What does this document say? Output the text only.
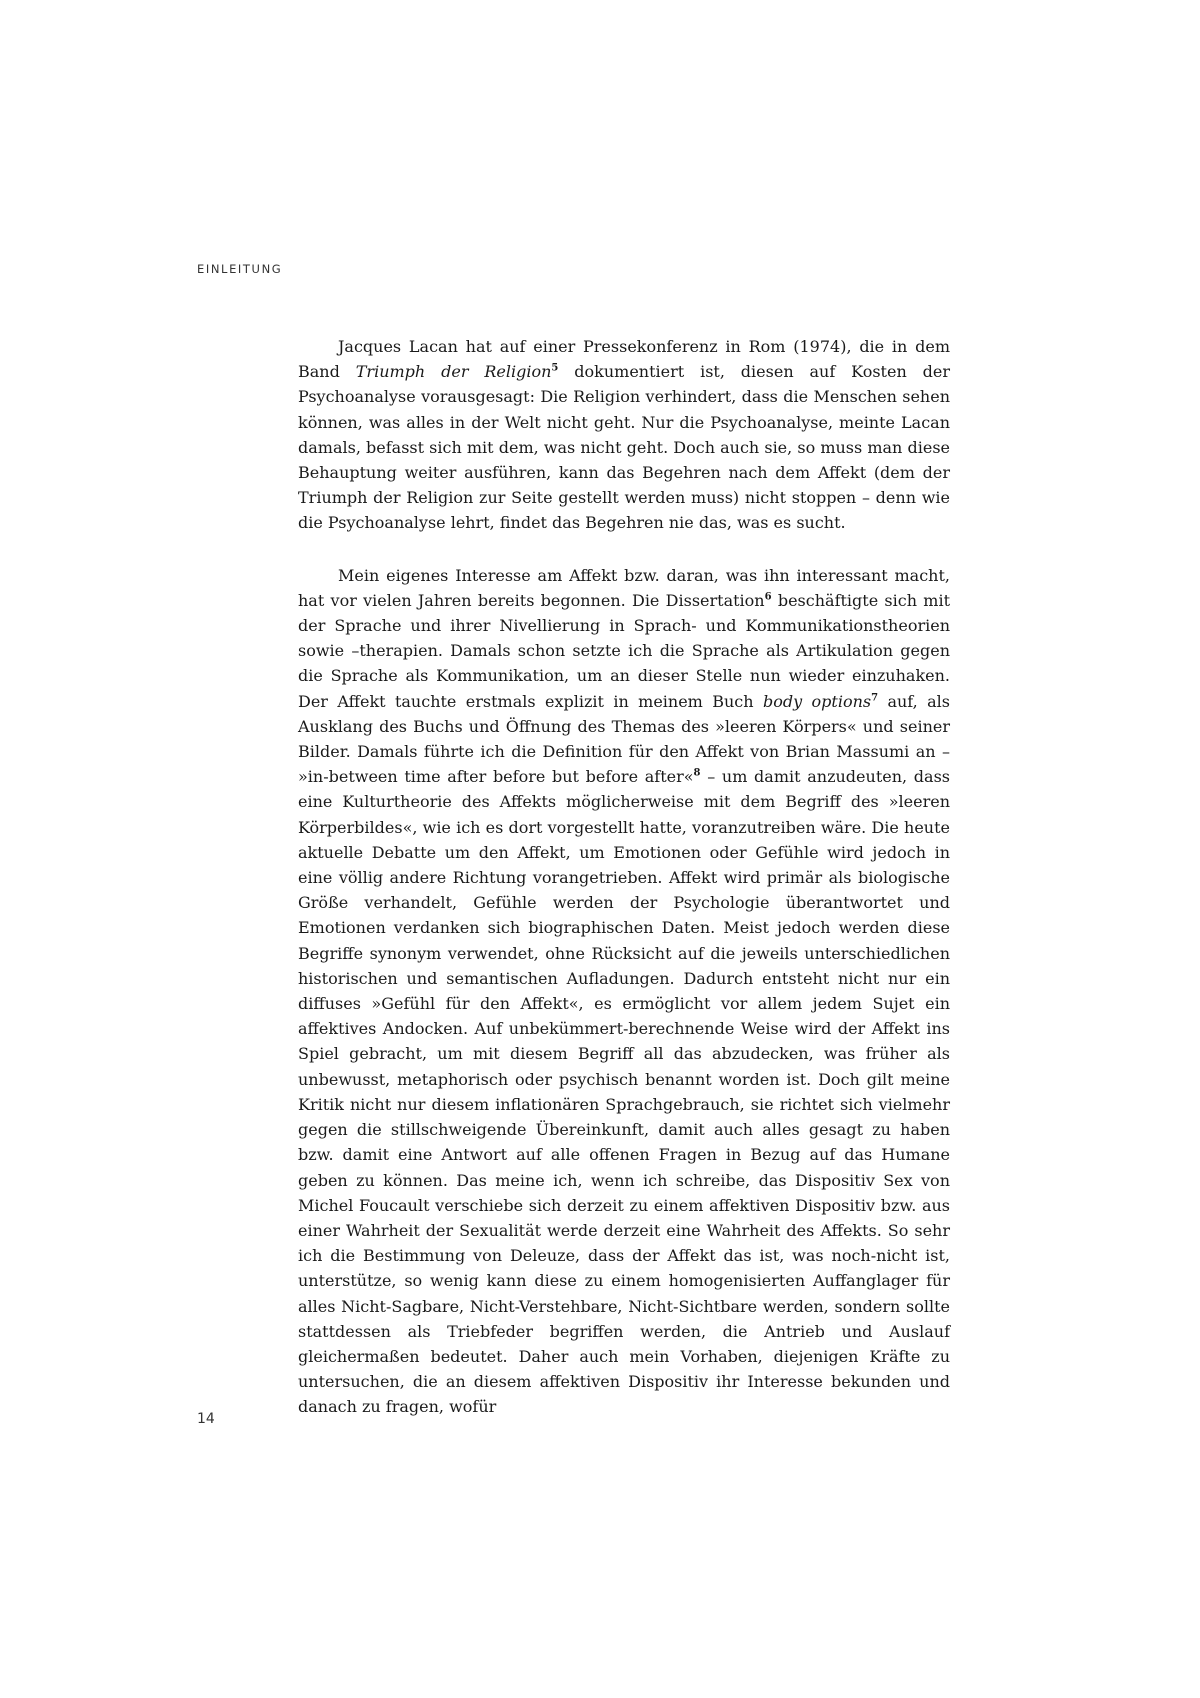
EINLEITUNG

Jacques Lacan hat auf einer Pressekonferenz in Rom (1974), die in dem Band Triumph der Religion$^5$ dokumentiert ist, diesen auf Kosten der Psychoanalyse vorausgesagt: Die Religion verhindert, dass die Menschen sehen können, was alles in der Welt nicht geht. Nur die Psychoanalyse, meinte Lacan damals, befasst sich mit dem, was nicht geht. Doch auch sie, so muss man diese Behauptung weiter ausführen, kann das Begehren nach dem Affekt (dem der Triumph der Religion zur Seite gestellt werden muss) nicht stoppen – denn wie die Psychoanalyse lehrt, findet das Begehren nie das, was es sucht.

Mein eigenes Interesse am Affekt bzw. daran, was ihn interessant macht, hat vor vielen Jahren bereits begonnen. Die Dissertation$^6$ beschäftigte sich mit der Sprache und ihrer Nivellierung in Sprach- und Kommunikationstheorien sowie –therapien. Damals schon setzte ich die Sprache als Artikulation gegen die Sprache als Kommunikation, um an dieser Stelle nun wieder einzuhaken. Der Affekt tauchte erstmals explizit in meinem Buch body options$^7$ auf, als Ausklang des Buchs und Öffnung des Themas des »leeren Körpers« und seiner Bilder. Damals führte ich die Definition für den Affekt von Brian Massumi an – »in-between time after before but before after«$^8$ – um damit anzudeuten, dass eine Kulturtheorie des Affekts möglicherweise mit dem Begriff des »leeren Körperbildes«, wie ich es dort vorgestellt hatte, voranzutreiben wäre. Die heute aktuelle Debatte um den Affekt, um Emotionen oder Gefühle wird jedoch in eine völlig andere Richtung vorangetrieben. Affekt wird primär als biologische Größe verhandelt, Gefühle werden der Psychologie überantwortet und Emotionen verdanken sich biographischen Daten. Meist jedoch werden diese Begriffe synonym verwendet, ohne Rücksicht auf die jeweils unterschiedlichen historischen und semantischen Aufladungen. Dadurch entsteht nicht nur ein diffuses »Gefühl für den Affekt«, es ermöglicht vor allem jedem Sujet ein affektives Andocken. Auf unbekümmert-berechnende Weise wird der Affekt ins Spiel gebracht, um mit diesem Begriff all das abzudecken, was früher als unbewusst, metaphorisch oder psychisch benannt worden ist. Doch gilt meine Kritik nicht nur diesem inflationären Sprachgebrauch, sie richtet sich vielmehr gegen die stillschweigende Übereinkunft, damit auch alles gesagt zu haben bzw. damit eine Antwort auf alle offenen Fragen in Bezug auf das Humane geben zu können. Das meine ich, wenn ich schreibe, das Dispositiv Sex von Michel Foucault verschiebe sich derzeit zu einem affektiven Dispositiv bzw. aus einer Wahrheit der Sexualität werde derzeit eine Wahrheit des Affekts. So sehr ich die Bestimmung von Deleuze, dass der Affekt das ist, was noch-nicht ist, unterstütze, so wenig kann diese zu einem homogenisierten Auffanglager für alles Nicht-Sagbare, Nicht-Verstehbare, Nicht-Sichtbare werden, sondern sollte stattdessen als Triebfeder begriffen werden, die Antrieb und Auslauf gleichermaßen bedeutet. Daher auch mein Vorhaben, diejenigen Kräfte zu untersuchen, die an diesem affektiven Dispositiv ihr Interesse bekunden und danach zu fragen, wofür

14
